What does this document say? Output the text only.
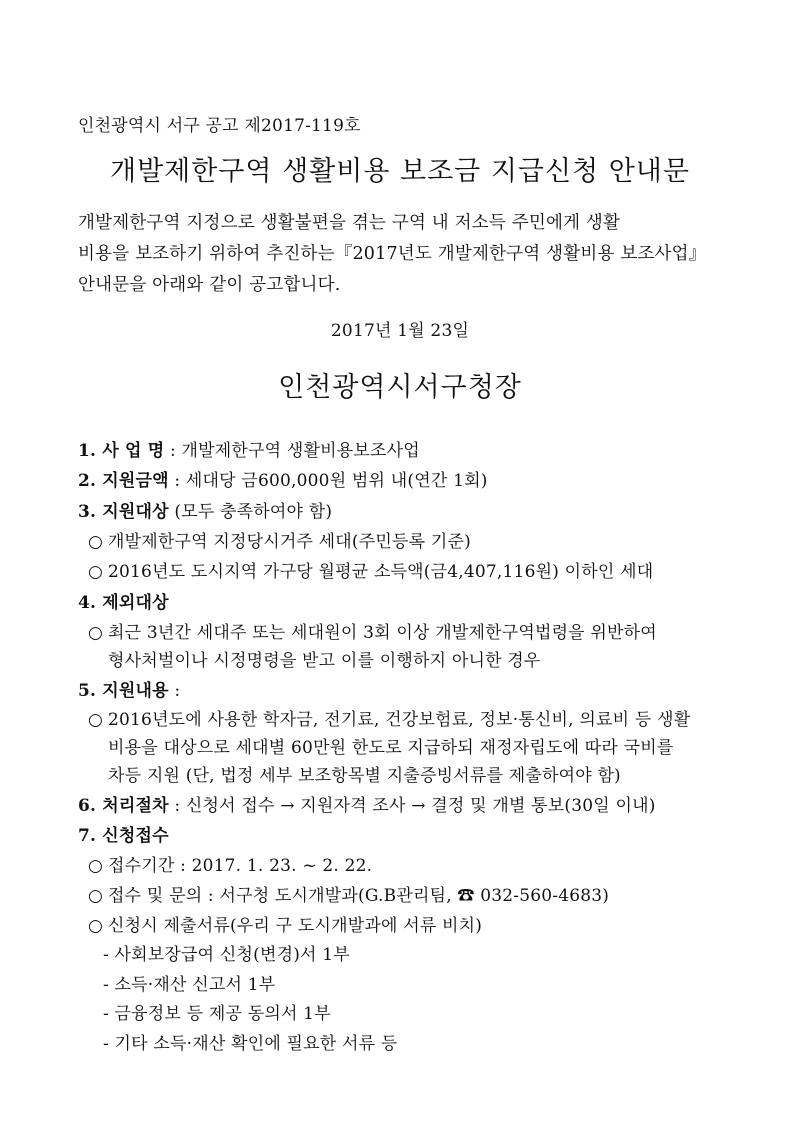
인천광역시 서구 공고 제2017-119호
개발제한구역 생활비용 보조금 지급신청 안내문
개발제한구역 지정으로 생활불편을 겪는 구역 내 저소득 주민에게 생활
비용을 보조하기 위하여 추진하는『2017년도 개발제한구역 생활비용 보조사업』
안내문을 아래와 같이 공고합니다.
2017년 1월 23일
인천광역시서구청장
1. 사 업 명 : 개발제한구역 생활비용보조사업
2. 지원금액 : 세대당 금600,000원 범위 내(연간 1회)
3. 지원대상 (모두 충족하여야 함)
○ 개발제한구역 지정당시거주 세대(주민등록 기준)
○ 2016년도 도시지역 가구당 월평균 소득액(금4,407,116원) 이하인 세대
4. 제외대상
○ 최근 3년간 세대주 또는 세대원이 3회 이상 개발제한구역법령을 위반하여
형사처벌이나 시정명령을 받고 이를 이행하지 아니한 경우
5. 지원내용 :
○ 2016년도에 사용한 학자금, 전기료, 건강보험료, 정보·통신비, 의료비 등 생활
비용을 대상으로 세대별 60만원 한도로 지급하되 재정자립도에 따라 국비를
차등 지원 (단, 법정 세부 보조항목별 지출증빙서류를 제출하여야 함)
6. 처리절차 : 신청서 접수 → 지원자격 조사 → 결정 및 개별 통보(30일 이내)
7. 신청접수
○ 접수기간 : 2017. 1. 23. ~ 2. 22.
○ 접수 및 문의 : 서구청 도시개발과(G.B관리팀, ☎ 032-560-4683)
○ 신청시 제출서류(우리 구 도시개발과에 서류 비치)
- 사회보장급여 신청(변경)서 1부
- 소득·재산 신고서 1부
- 금융정보 등 제공 동의서 1부
- 기타 소득·재산 확인에 필요한 서류 등
